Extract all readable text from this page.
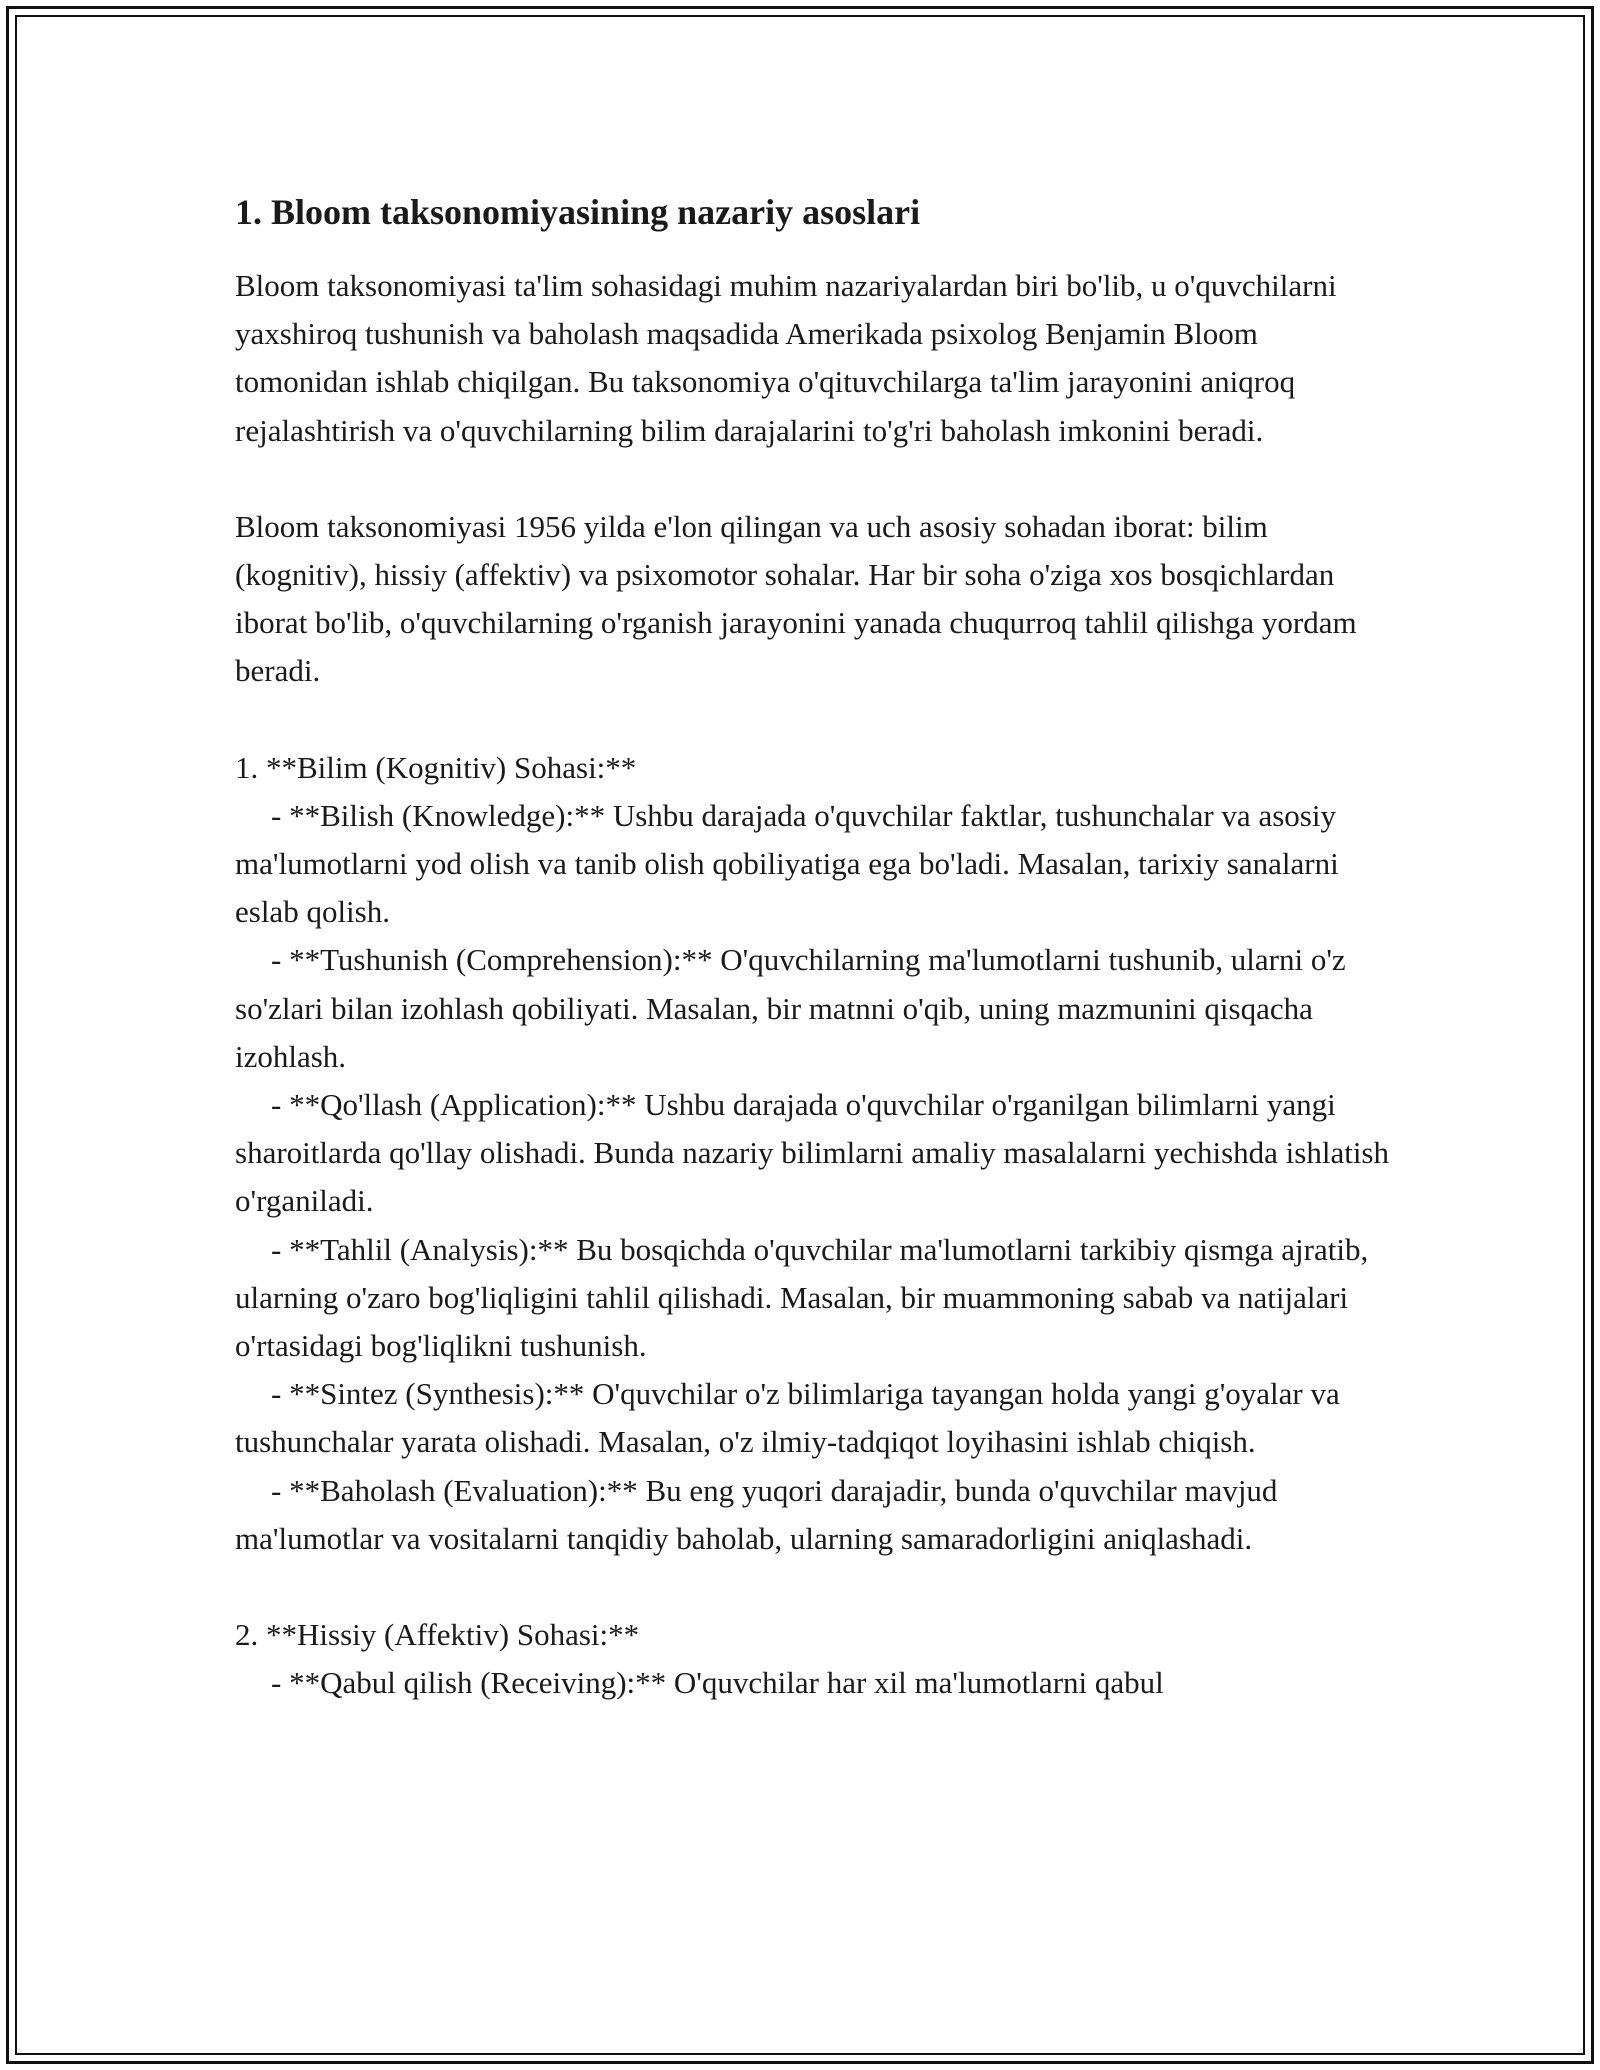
1. Bloom taksonomiyasining nazariy asoslari
Bloom taksonomiyasi ta'lim sohasidagi muhim nazariyalardan biri bo'lib, u o'quvchilarni yaxshiroq tushunish va baholash maqsadida Amerikada psixolog Benjamin Bloom tomonidan ishlab chiqilgan. Bu taksonomiya o'qituvchilarga ta'lim jarayonini aniqroq rejalashtirish va o'quvchilarning bilim darajalarini to'g'ri baholash imkonini beradi.
Bloom taksonomiyasi 1956 yilda e'lon qilingan va uch asosiy sohadan iborat: bilim (kognitiv), hissiy (affektiv) va psixomotor sohalar. Har bir soha o'ziga xos bosqichlardan iborat bo'lib, o'quvchilarning o'rganish jarayonini yanada chuqurroq tahlil qilishga yordam beradi.
1. **Bilim (Kognitiv) Sohasi:**
- **Bilish (Knowledge):** Ushbu darajada o'quvchilar faktlar, tushunchalar va asosiy ma'lumotlarni yod olish va tanib olish qobiliyatiga ega bo'ladi. Masalan, tarixiy sanalarni eslab qolish.
- **Tushunish (Comprehension):** O'quvchilarning ma'lumotlarni tushunib, ularni o'z so'zlari bilan izohlash qobiliyati. Masalan, bir matnni o'qib, uning mazmunini qisqacha izohlash.
- **Qo'llash (Application):** Ushbu darajada o'quvchilar o'rganilgan bilimlarni yangi sharoitlarda qo'llay olishadi. Bunda nazariy bilimlarni amaliy masalalarni yechishda ishlatish o'rganiladi.
- **Tahlil (Analysis):** Bu bosqichda o'quvchilar ma'lumotlarni tarkibiy qismga ajratib, ularning o'zaro bog'liqligini tahlil qilishadi. Masalan, bir muammoning sabab va natijalari o'rtasidagi bog'liqlikni tushunish.
- **Sintez (Synthesis):** O'quvchilar o'z bilimlariga tayangan holda yangi g'oyalar va tushunchalar yarata olishadi. Masalan, o'z ilmiy-tadqiqot loyihasini ishlab chiqish.
- **Baholash (Evaluation):** Bu eng yuqori darajadir, bunda o'quvchilar mavjud ma'lumotlar va vositalarni tanqidiy baholab, ularning samaradorligini aniqlashadi.
2. **Hissiy (Affektiv) Sohasi:**
- **Qabul qilish (Receiving):** O'quvchilar har xil ma'lumotlarni qabul
